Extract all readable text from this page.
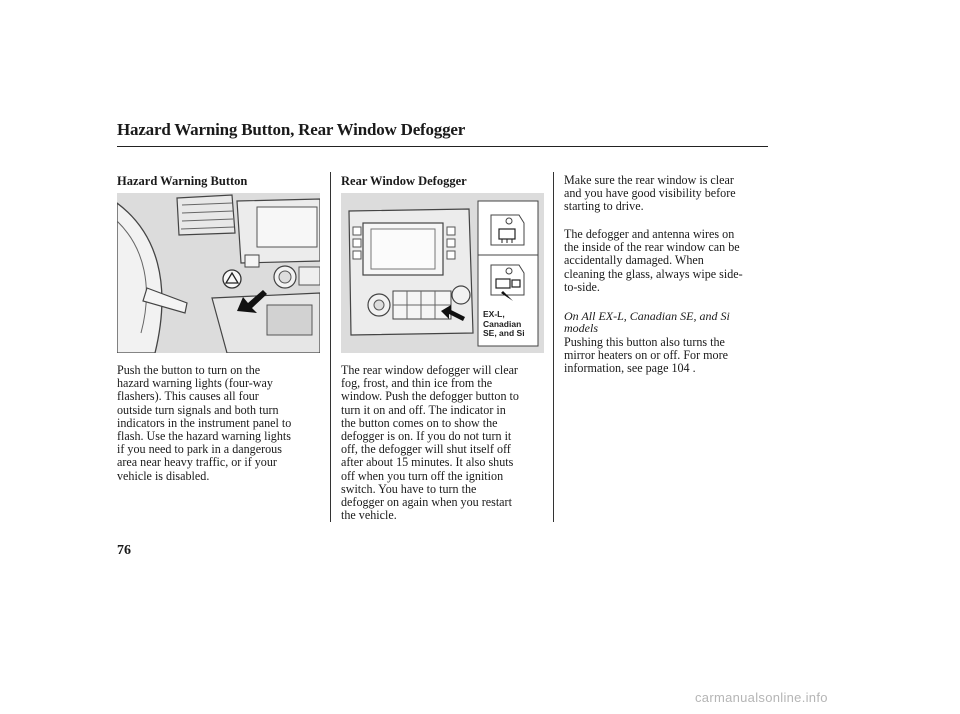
Hazard Warning Button, Rear Window Defogger
Hazard Warning Button
Push the button to turn on the
hazard warning lights (four-way
flashers). This causes all four
outside turn signals and both turn
indicators in the instrument panel to
flash. Use the hazard warning lights
if you need to park in a dangerous
area near heavy traffic, or if your
vehicle is disabled.
Rear Window Defogger
EX-L,
Canadian
SE, and Si
The rear window defogger will clear
fog, frost, and thin ice from the
window. Push the defogger button to
turn it on and off. The indicator in
the button comes on to show the
defogger is on. If you do not turn it
off, the defogger will shut itself off
after about 15 minutes. It also shuts
off when you turn off the ignition
switch. You have to turn the
defogger on again when you restart
the vehicle.
Make sure the rear window is clear
and you have good visibility before
starting to drive.
The defogger and antenna wires on
the inside of the rear window can be
accidentally damaged. When
cleaning the glass, always wipe side-
to-side.
On All EX-L, Canadian SE, and Si
models
Pushing this button also turns the
mirror heaters on or off. For more
information, see page 104 .
76
carmanualsonline.info
